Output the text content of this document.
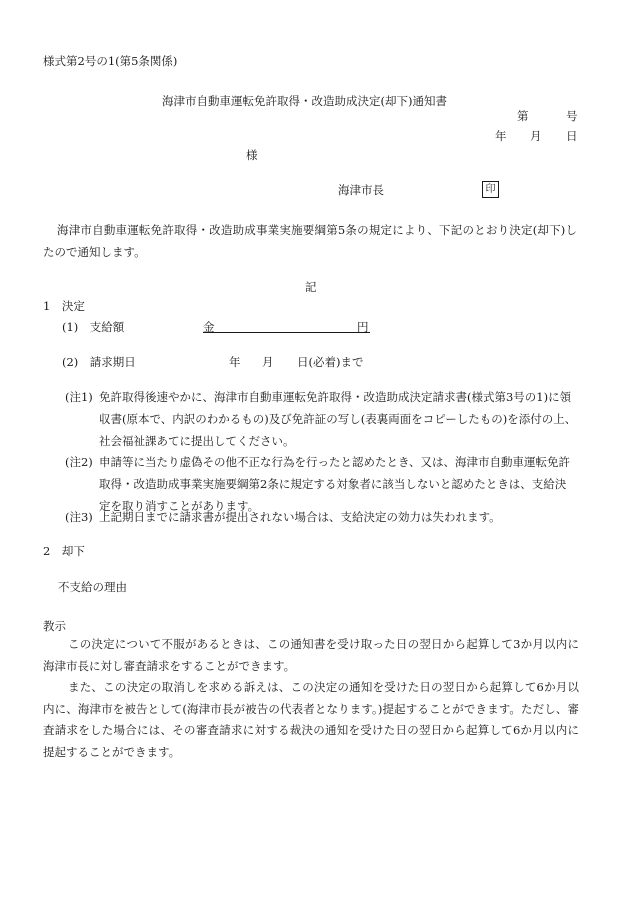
様式第2号の1(第5条関係)
海津市自動車運転免許取得・改造助成決定(却下)通知書
第	号
年 月 日
様
海津市長	印
海津市自動車運転免許取得・改造助成事業実施要綱第5条の規定により、下記のとおり決定(却下)したので通知します。
記
1　決定
(1)　支給額	金	円
(2)　請求期日	年 月 日(必着)まで
(注1) 免許取得後速やかに、海津市自動車運転免許取得・改造助成決定請求書(様式第3号の1)に領収書(原本で、内訳のわかるもの)及び免許証の写し(表裏両面をコピーしたもの)を添付の上、社会福祉課あてに提出してください。
(注2) 申請等に当たり虚偽その他不正な行為を行ったと認めたとき、又は、海津市自動車運転免許取得・改造助成事業実施要綱第2条に規定する対象者に該当しないと認めたときは、支給決定を取り消すことがあります。
(注3) 上記期日までに請求書が提出されない場合は、支給決定の効力は失われます。
2　却下
不支給の理由
教示
この決定について不服があるときは、この通知書を受け取った日の翌日から起算して3か月以内に海津市長に対し審査請求をすることができます。
また、この決定の取消しを求める訴えは、この決定の通知を受けた日の翌日から起算して6か月以内に、海津市を被告として(海津市長が被告の代表者となります。)提起することができます。ただし、審査請求をした場合には、その審査請求に対する裁決の通知を受けた日の翌日から起算して6か月以内に提起することができます。
